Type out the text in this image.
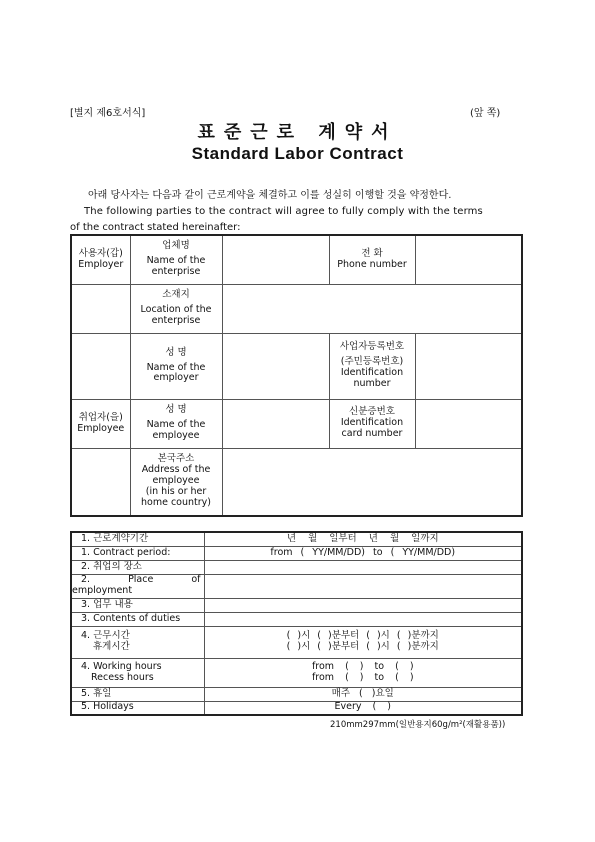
[별지 제6호서식]	(앞 쪽)
표준근로 계약서
Standard Labor Contract
아래 당사자는 다음과 같이 근로계약을 체결하고 이를 성실히 이행할 것을 약정한다.
The following parties to the contract will agree to fully comply with the terms
of the contract stated hereinafter:
사용자(갑)
Employer	업체명
Name of the
enterprise		전 화
Phone number	

	소재지
Location of the
enterprise			

	성 명
Name of the
employer		사업자등록번호
(주민등록번호)
Identification
number	

취업자(을)
Employee	성 명
Name of the
employee		신분증번호
Identification
card number	

	본국주소
Address of the
employee
(in his or her
home country)			

1. 근로계약기간	년 월 일부터 년 월 일까지
1. Contract period:	from ( YY/MM/DD) to ( YY/MM/DD)
2. 취업의 장소	

2. Place of
employment	

3. 업무 내용	
3. Contents of duties	

4. 근무시간
휴게시간	( )시 ( )분부터 ( )시 ( )분까지
( )시 ( )분부터 ( )시 ( )분까지

4. Working hours
Recess hours	from ( ) to ( )
from ( ) to ( )

5. 휴일	매주 ( )요일
5. Holidays	Every ( )
210mm297mm(일반용지60g/m²(재활용품))
